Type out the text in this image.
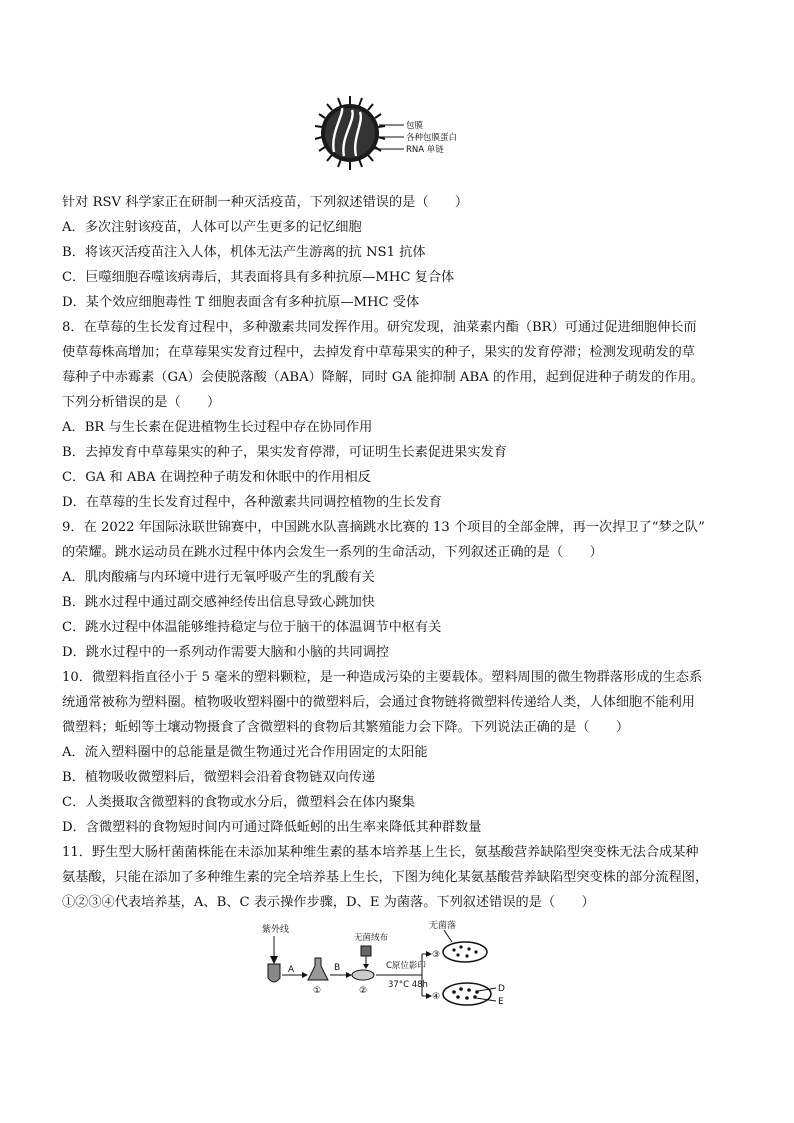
包膜
各种包膜蛋白
RNA 单链
针对 RSV 科学家正在研制一种灭活疫苗，下列叙述错误的是（　　）
A．多次注射该疫苗，人体可以产生更多的记忆细胞
B．将该灭活疫苗注入人体，机体无法产生游离的抗 NS1 抗体
C．巨噬细胞吞噬该病毒后，其表面将具有多种抗原—MHC 复合体
D．某个效应细胞毒性 T 细胞表面含有多种抗原—MHC 受体
8．在草莓的生长发育过程中，多种激素共同发挥作用。研究发现，油菜素内酯（BR）可通过促进细胞伸长而
使草莓株高增加；在草莓果实发育过程中，去掉发育中草莓果实的种子，果实的发育停滞；检测发现萌发的草
莓种子中赤霉素（GA）会使脱落酸（ABA）降解，同时 GA 能抑制 ABA 的作用，起到促进种子萌发的作用。
下列分析错误的是（　　）
A．BR 与生长素在促进植物生长过程中存在协同作用
B．去掉发育中草莓果实的种子，果实发育停滞，可证明生长素促进果实发育
C．GA 和 ABA 在调控种子萌发和休眠中的作用相反
D．在草莓的生长发育过程中，各种激素共同调控植物的生长发育
9．在 2022 年国际泳联世锦赛中，中国跳水队喜摘跳水比赛的 13 个项目的全部金牌，再一次捍卫了“梦之队”
的荣耀。跳水运动员在跳水过程中体内会发生一系列的生命活动，下列叙述正确的是（　　）
A．肌肉酸痛与内环境中进行无氧呼吸产生的乳酸有关
B．跳水过程中通过副交感神经传出信息导致心跳加快
C．跳水过程中体温能够维持稳定与位于脑干的体温调节中枢有关
D．跳水过程中的一系列动作需要大脑和小脑的共同调控
10．微塑料指直径小于 5 毫米的塑料颗粒，是一种造成污染的主要载体。塑料周围的微生物群落形成的生态系
统通常被称为塑料圈。植物吸收塑料圈中的微塑料后，会通过食物链将微塑料传递给人类，人体细胞不能利用
微塑料；蚯蚓等土壤动物摄食了含微塑料的食物后其繁殖能力会下降。下列说法正确的是（　　）
A．流入塑料圈中的总能量是微生物通过光合作用固定的太阳能
B．植物吸收微塑料后，微塑料会沿着食物链双向传递
C．人类摄取含微塑料的食物或水分后，微塑料会在体内聚集
D．含微塑料的食物短时间内可通过降低蚯蚓的出生率来降低其种群数量
11．野生型大肠杆菌菌株能在未添加某种维生素的基本培养基上生长，氨基酸营养缺陷型突变株无法合成某种
氨基酸，只能在添加了多种维生素的完全培养基上生长，下图为纯化某氨基酸营养缺陷型突变株的部分流程图，
①②③④代表培养基，A、B、C 表示操作步骤，D、E 为菌落。下列叙述错误的是（　　）
紫外线
A
①
B
②
无菌绒布
C原位影印
37°C 48h
无菌落
③
④
D
E
